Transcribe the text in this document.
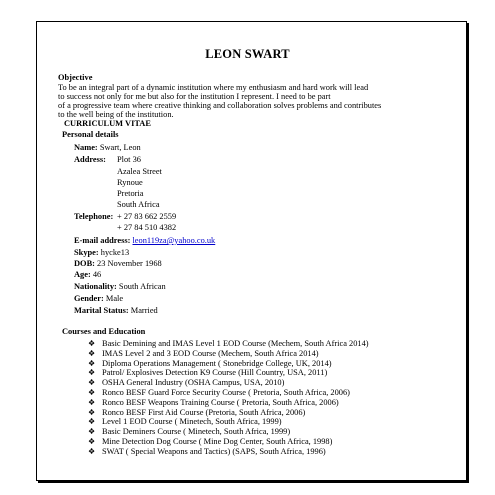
LEON SWART
Objective
To be an integral part of a dynamic institution where my enthusiasm and hard work will lead
to success not only for me but also for the institution I represent. I need to be part
of a progressive team where creative thinking and collaboration solves problems and contributes
to the well being of the institution.
CURRICULUM VITAE
Personal details
Name: Swart, Leon
Address: Plot 36
Azalea Street
Rynoue
Pretoria
South Africa
Telephone: + 27 83 662 2559
+ 27 84 510 4382
E-mail address: leon119za@yahoo.co.uk
Skype: hycke13
DOB: 23 November 1968
Age: 46
Nationality: South African
Gender: Male
Marital Status: Married
Courses and Education
❖ Basic Demining and IMAS Level 1 EOD Course (Mechem, South Africa 2014)
❖ IMAS Level 2 and 3 EOD Course (Mechem, South Africa 2014)
❖ Diploma Operations Management ( Stonebridge College, UK, 2014)
❖ Patrol/ Explosives Detection K9 Course (Hill Country, USA, 2011)
❖ OSHA General Industry (OSHA Campus, USA, 2010)
❖ Ronco BESF Guard Force Security Course ( Pretoria, South Africa, 2006)
❖ Ronco BESF Weapons Training Course ( Pretoria, South Africa, 2006)
❖ Ronco BESF First Aid Course (Pretoria, South Africa, 2006)
❖ Level 1 EOD Course ( Minetech, South Africa, 1999)
❖ Basic Deminers Course ( Minetech, South Africa, 1999)
❖ Mine Detection Dog Course ( Mine Dog Center, South Africa, 1998)
❖ SWAT ( Special Weapons and Tactics) (SAPS, South Africa, 1996)
